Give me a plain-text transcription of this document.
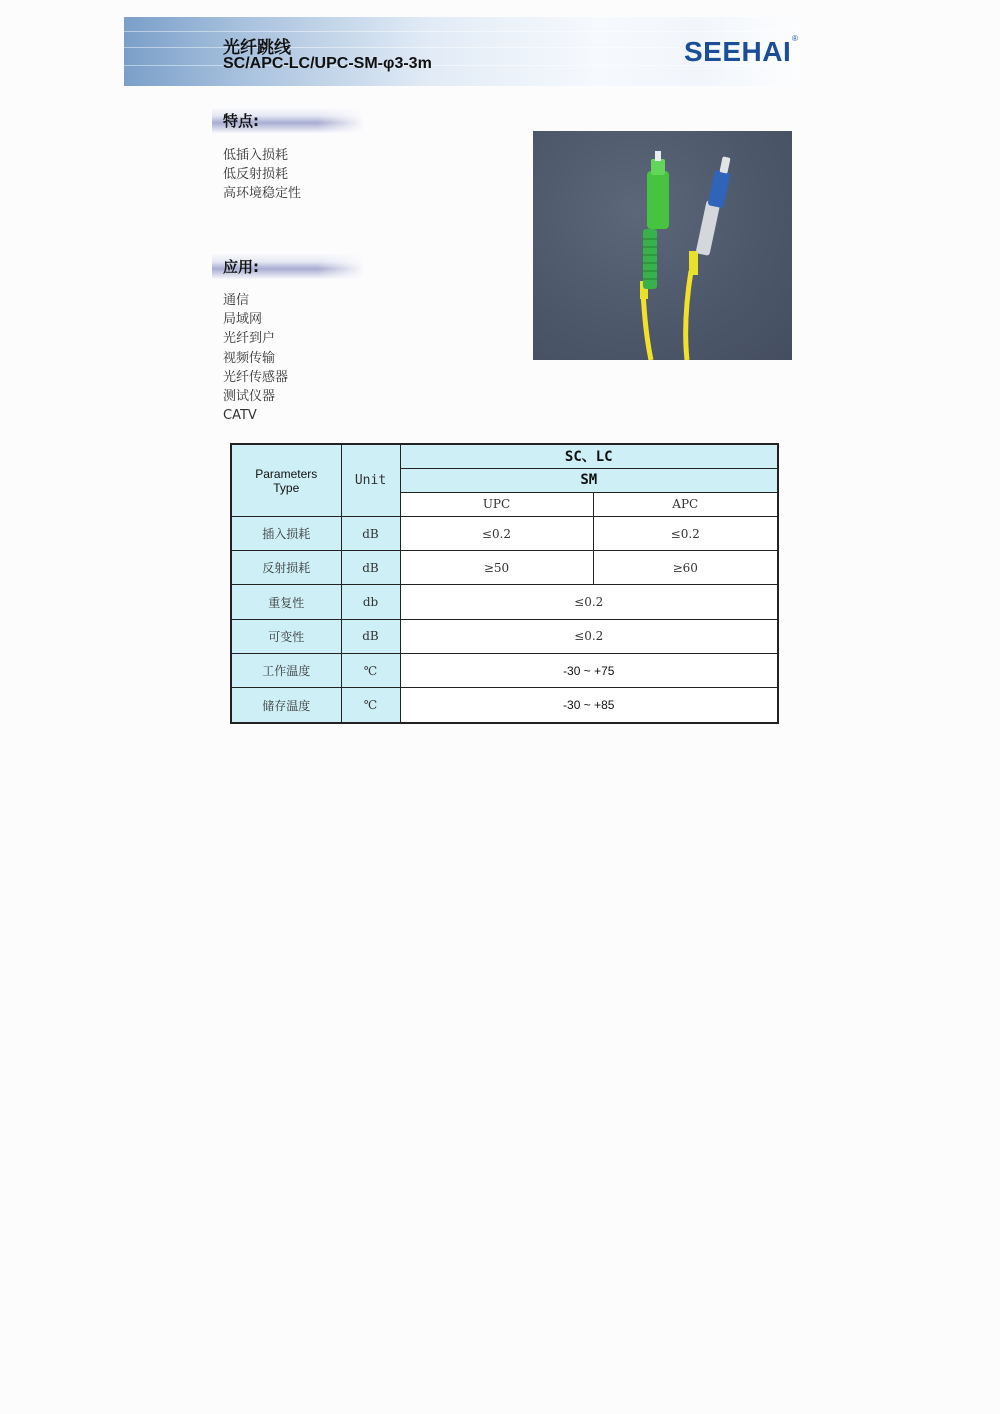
光纤跳线
SC/APC-LC/UPC-SM-φ3-3m	SEEHAI ®
特点:
低插入损耗
低反射损耗
高环境稳定性
应用:
通信
局域网
光纤到户
视频传输
光纤传感器
测试仪器
CATV
Parameters
Type	Unit	SC、LC	
		SM	
		UPC	APC
插入损耗	dB	≤0.2	≤0.2
反射损耗	dB	≥50	≥60
重复性	db	≤0.2	
可变性	dB	≤0.2	
工作温度	℃	-30 ~ +75	
储存温度	℃	-30 ~ +85	
